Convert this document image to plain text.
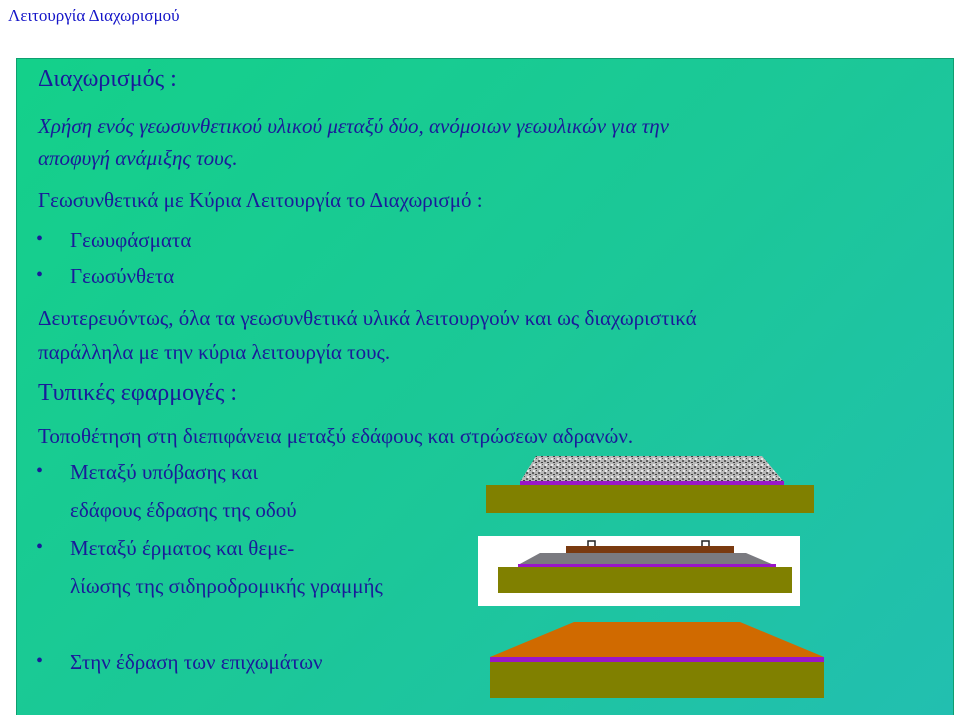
Λειτουργία Διαχωρισμού
Διαχωρισμός :
Χρήση ενός γεωσυνθετικού υλικού μεταξύ δύο, ανόμοιων γεωυλικών για την
αποφυγή ανάμιξης τους.
Γεωσυνθετικά με Κύρια Λειτουργία το Διαχωρισμό :
• Γεωυφάσματα
• Γεωσύνθετα
Δευτερευόντως, όλα τα γεωσυνθετικά υλικά λειτουργούν και ως διαχωριστικά
παράλληλα με την κύρια λειτουργία τους.
Τυπικές εφαρμογές :
Τοποθέτηση στη διεπιφάνεια μεταξύ εδάφους και στρώσεων αδρανών.
• Μεταξύ υπόβασης και
εδάφους έδρασης της οδού
• Μεταξύ έρματος και θεμε-
λίωσης της σιδηροδρομικής γραμμής
• Στην έδραση των επιχωμάτων
